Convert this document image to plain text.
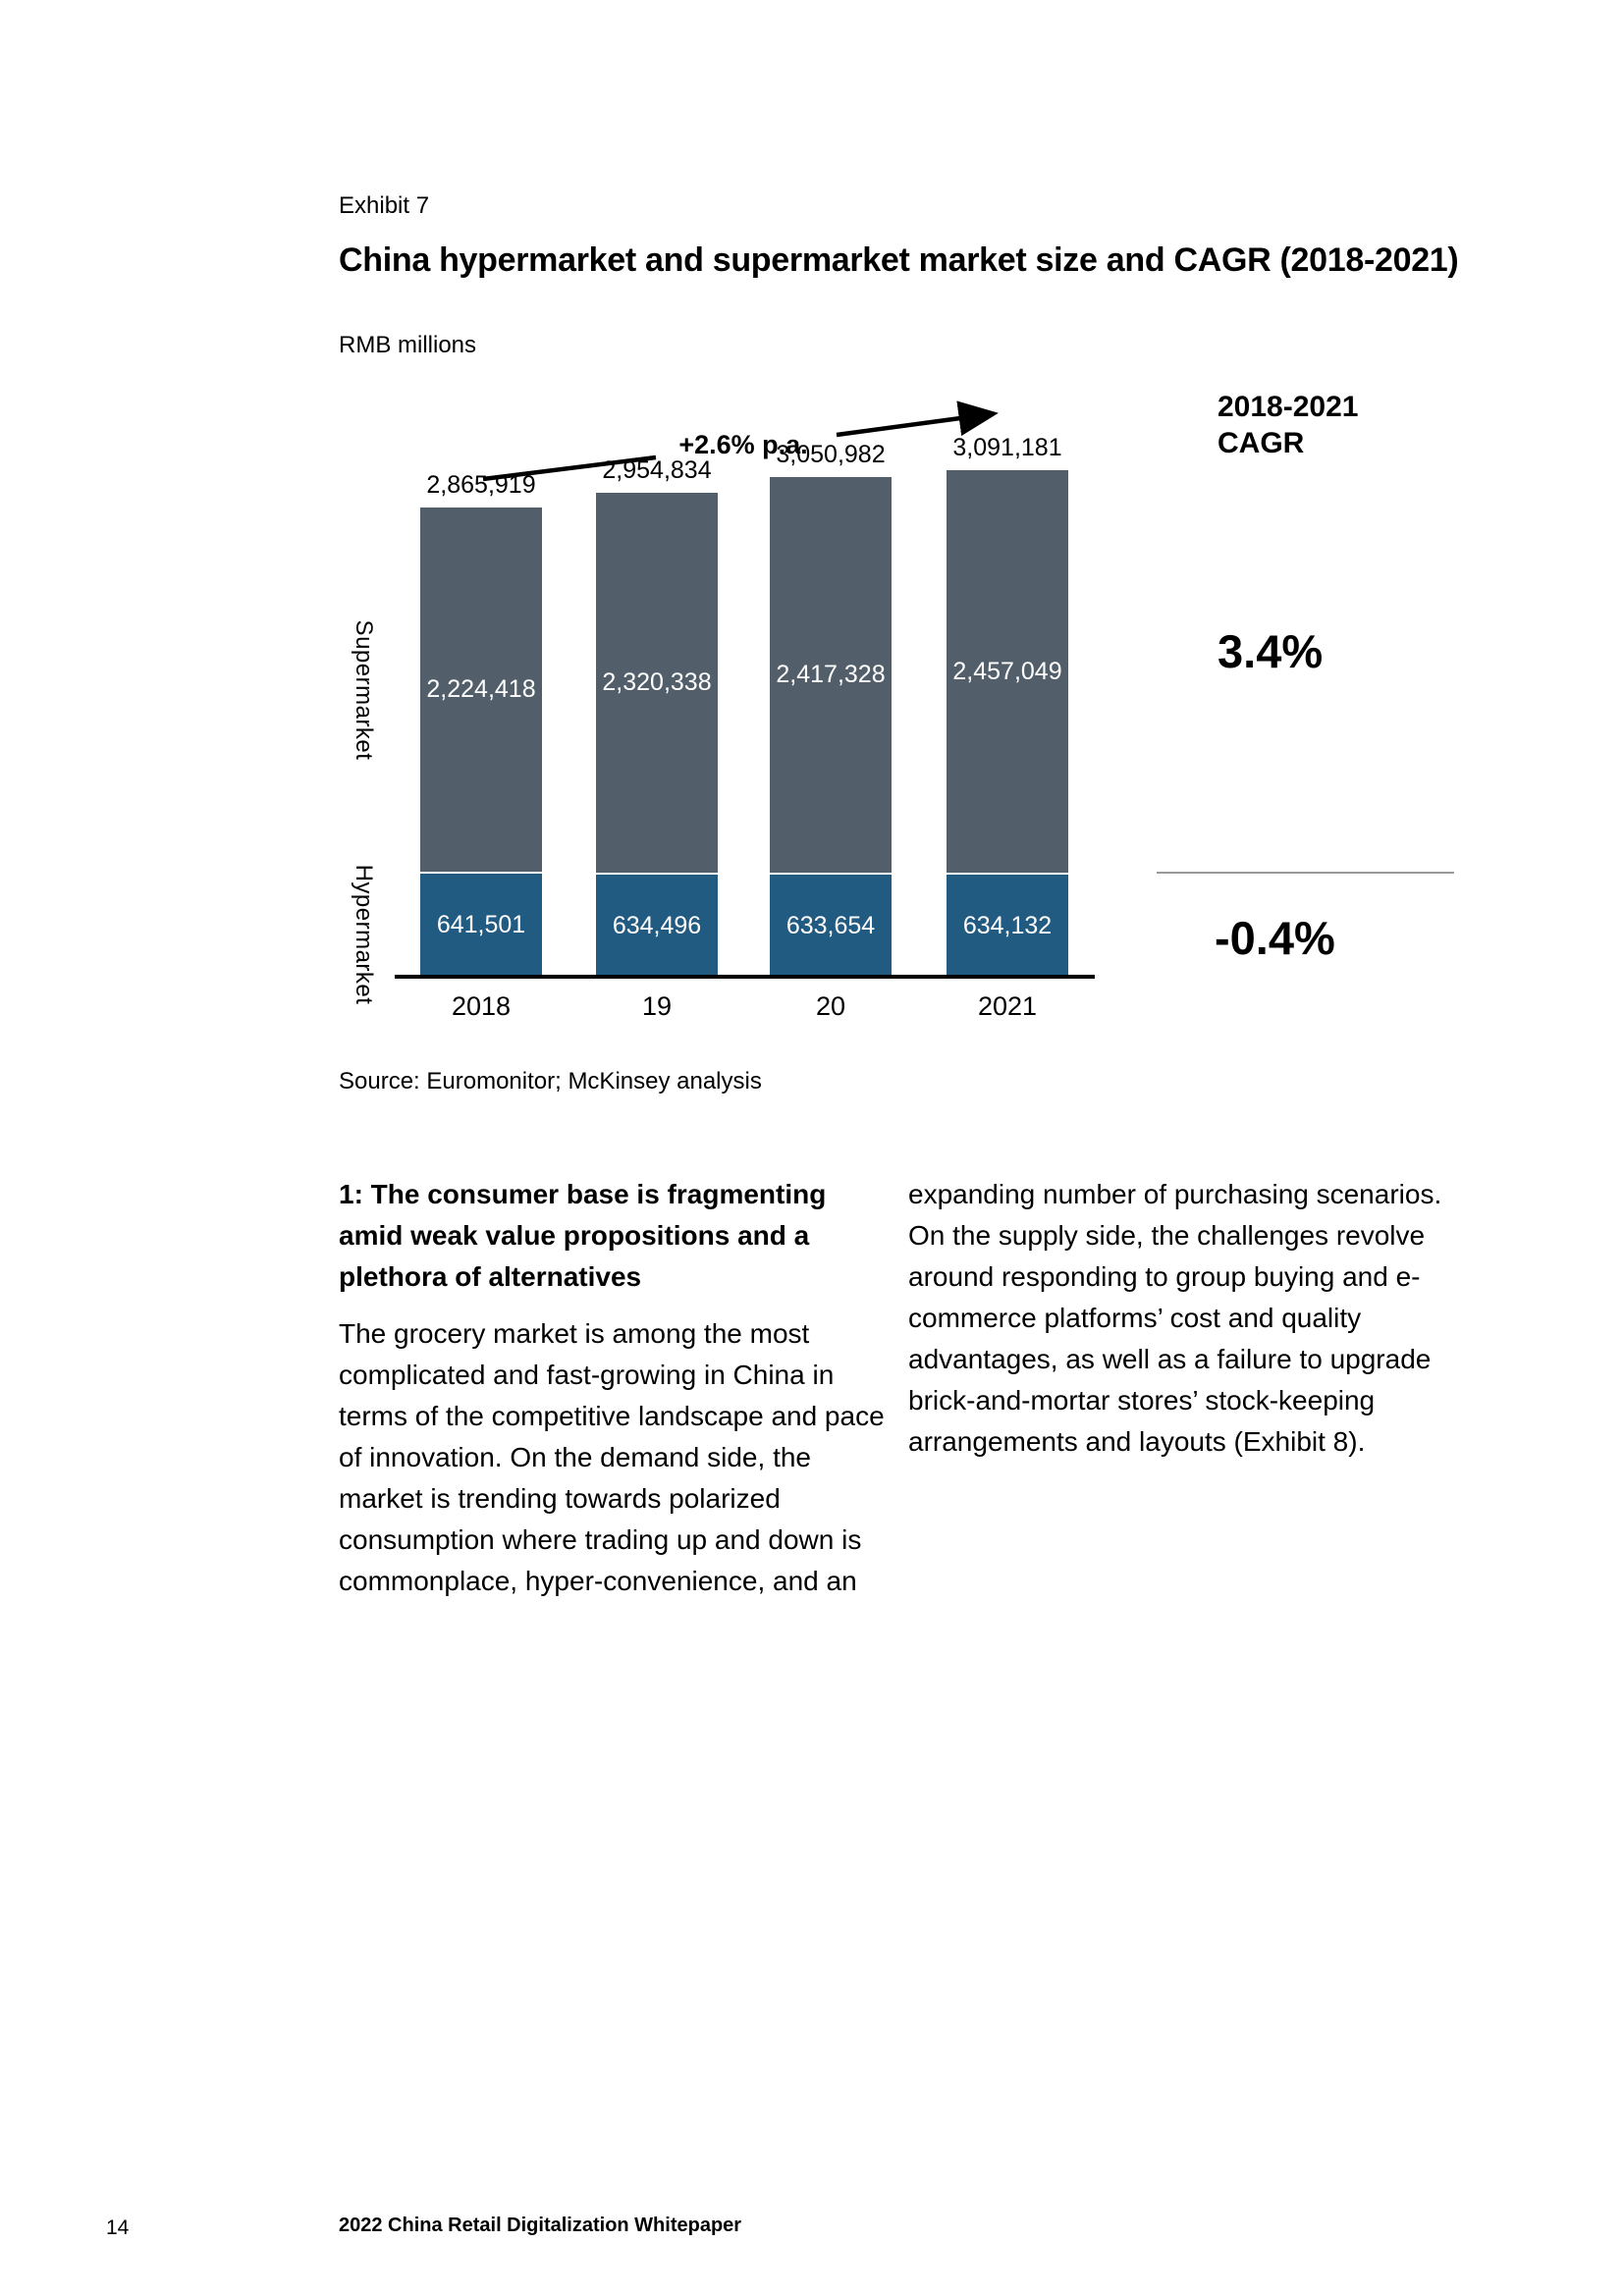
Exhibit 7
China hypermarket and supermarket market size and CAGR (2018-2021)
RMB millions
+2.6% p.a.
2018-2021
CAGR
3.4%
-0.4%
2,865,919
2,224,418
641,501
2018
2,954,834
2,320,338
634,496
19
3,050,982
2,417,328
633,654
20
3,091,181
2,457,049
634,132
2021
Supermarket
Hypermarket
Source: Euromonitor; McKinsey analysis
1: The consumer base is fragmenting amid weak value propositions and a plethora of alternatives
The grocery market is among the most complicated and fast-growing in China in terms of the competitive landscape and pace of innovation. On the demand side, the market is trending towards polarized consumption where trading up and down is commonplace, hyper-convenience, and an
expanding number of purchasing scenarios. On the supply side, the challenges revolve around responding to group buying and e-commerce platforms’ cost and quality advantages, as well as a failure to upgrade brick-and-mortar stores’ stock-keeping arrangements and layouts (Exhibit 8).
14	2022 China Retail Digitalization Whitepaper
